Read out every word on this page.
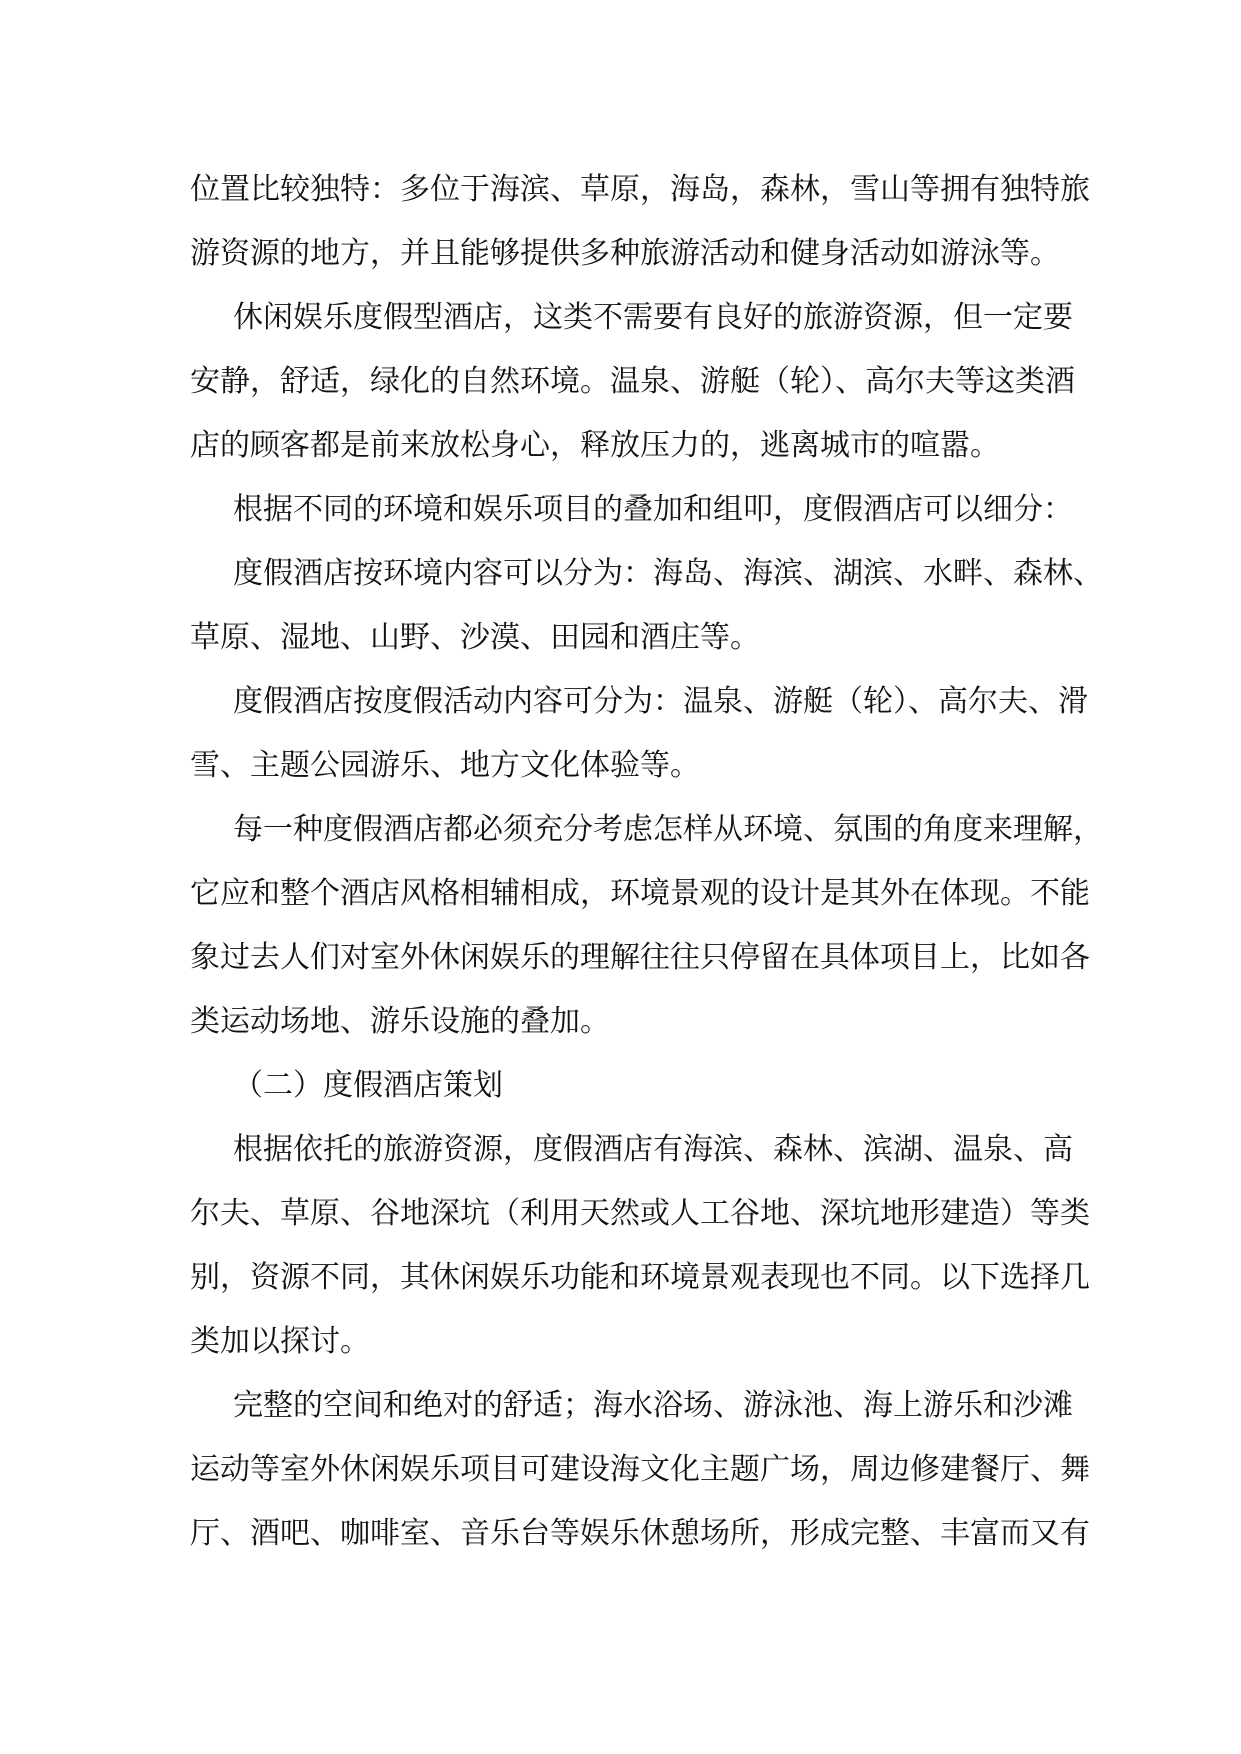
位置比较独特：多位于海滨、草原，海岛，森林，雪山等拥有独特旅
游资源的地方，并且能够提供多种旅游活动和健身活动如游泳等。
休闲娱乐度假型酒店，这类不需要有良好的旅游资源，但一定要
安静，舒适，绿化的自然环境。温泉、游艇（轮）、高尔夫等这类酒
店的顾客都是前来放松身心，释放压力的，逃离城市的喧嚣。
根据不同的环境和娱乐项目的叠加和组叩，度假酒店可以细分：
度假酒店按环境内容可以分为：海岛、海滨、湖滨、水畔、森林、
草原、湿地、山野、沙漠、田园和酒庄等。
度假酒店按度假活动内容可分为：温泉、游艇（轮）、高尔夫、滑
雪、主题公园游乐、地方文化体验等。
每一种度假酒店都必须充分考虑怎样从环境、氛围的角度来理解，
它应和整个酒店风格相辅相成，环境景观的设计是其外在体现。不能
象过去人们对室外休闲娱乐的理解往往只停留在具体项目上，比如各
类运动场地、游乐设施的叠加。
（二）度假酒店策划
根据依托的旅游资源，度假酒店有海滨、森林、滨湖、温泉、高
尔夫、草原、谷地深坑（利用天然或人工谷地、深坑地形建造）等类
别，资源不同，其休闲娱乐功能和环境景观表现也不同。以下选择几
类加以探讨。
完整的空间和绝对的舒适；海水浴场、游泳池、海上游乐和沙滩
运动等室外休闲娱乐项目可建设海文化主题广场，周边修建餐厅、舞
厅、酒吧、咖啡室、音乐台等娱乐休憩场所，形成完整、丰富而又有
